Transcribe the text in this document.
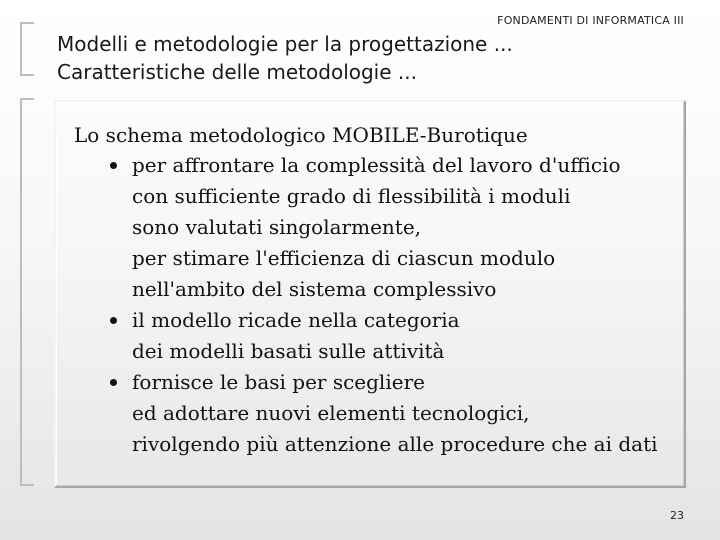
FONDAMENTI DI INFORMATICA III
Modelli e metodologie per la progettazione ...
Caratteristiche delle metodologie ...
Lo schema metodologico MOBILE-Burotique
per affrontare la complessità del lavoro d'ufficio
con sufficiente grado di flessibilità i moduli
sono valutati singolarmente,
per stimare l'efficienza di ciascun modulo
nell'ambito del sistema complessivo
il modello ricade nella categoria
dei modelli basati sulle attività
fornisce le basi per scegliere
ed adottare nuovi elementi tecnologici,
rivolgendo più attenzione alle procedure che ai dati
23
